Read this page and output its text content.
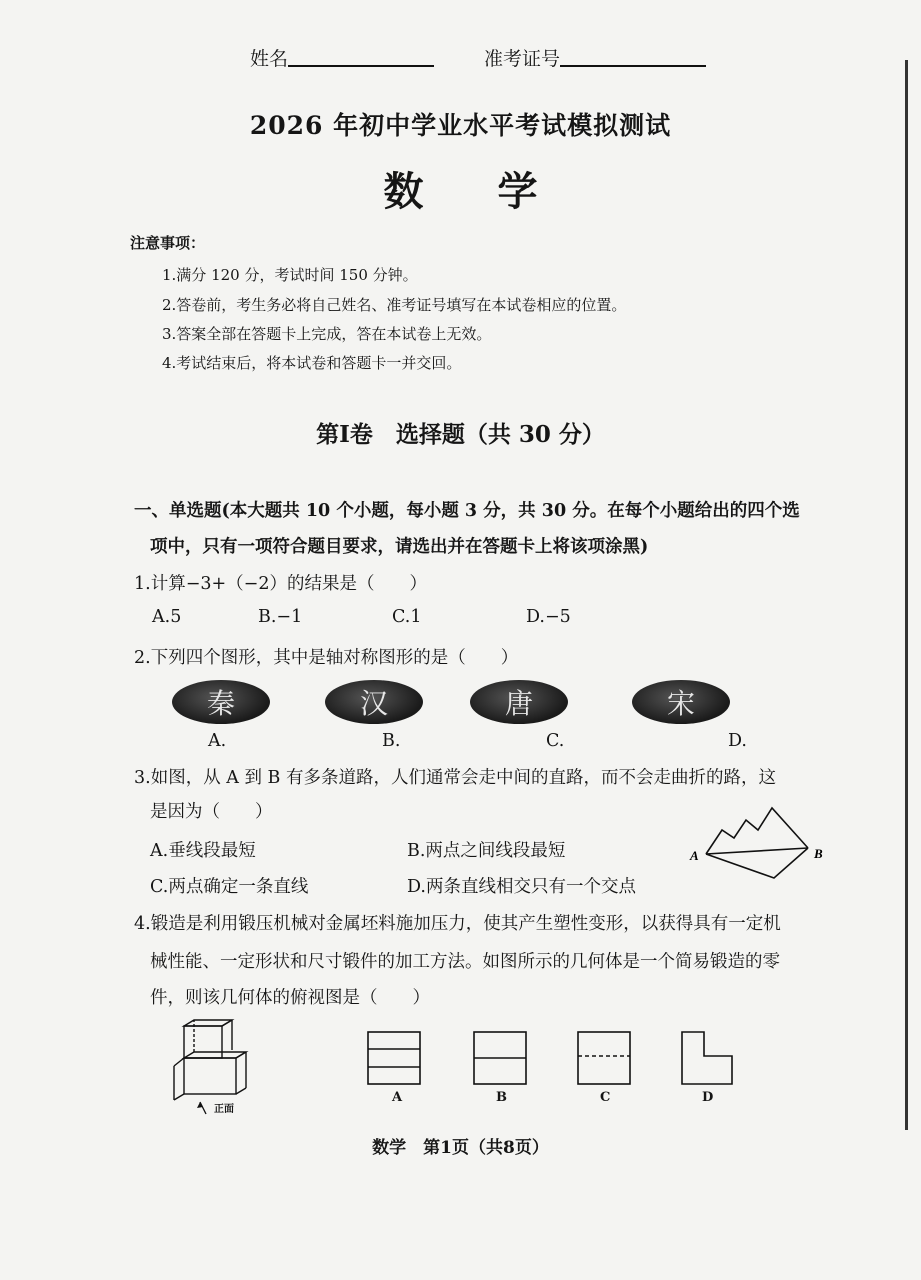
姓名	准考证号
2026 年初中学业水平考试模拟测试
数 学
注意事项：
1.满分 120 分，考试时间 150 分钟。
2.答卷前，考生务必将自己姓名、准考证号填写在本试卷相应的位置。
3.答案全部在答题卡上完成，答在本试卷上无效。
4.考试结束后，将本试卷和答题卡一并交回。
第Ⅰ卷　选择题（共 30 分）
一、单选题(本大题共 10 个小题，每小题 3 分，共 30 分。在每个小题给出的四个选
项中，只有一项符合题目要求，请选出并在答题卡上将该项涂黑)
1.计算−3+（−2）的结果是（　　）
A.5	B.−1	C.1	D.−5
2.下列四个图形，其中是轴对称图形的是（　　）
秦	汉	唐	宋
A.	B.	C.	D.
3.如图，从 A 到 B 有多条道路，人们通常会走中间的直路，而不会走曲折的路，这
是因为（　　）
A.垂线段最短	B.两点之间线段最短
C.两点确定一条直线	D.两条直线相交只有一个交点
A	B
4.锻造是利用锻压机械对金属坯料施加压力，使其产生塑性变形，以获得具有一定机
械性能、一定形状和尺寸锻件的加工方法。如图所示的几何体是一个简易锻造的零
件，则该几何体的俯视图是（　　）
正面
A	B	C	D
数学　第1页（共8页）
